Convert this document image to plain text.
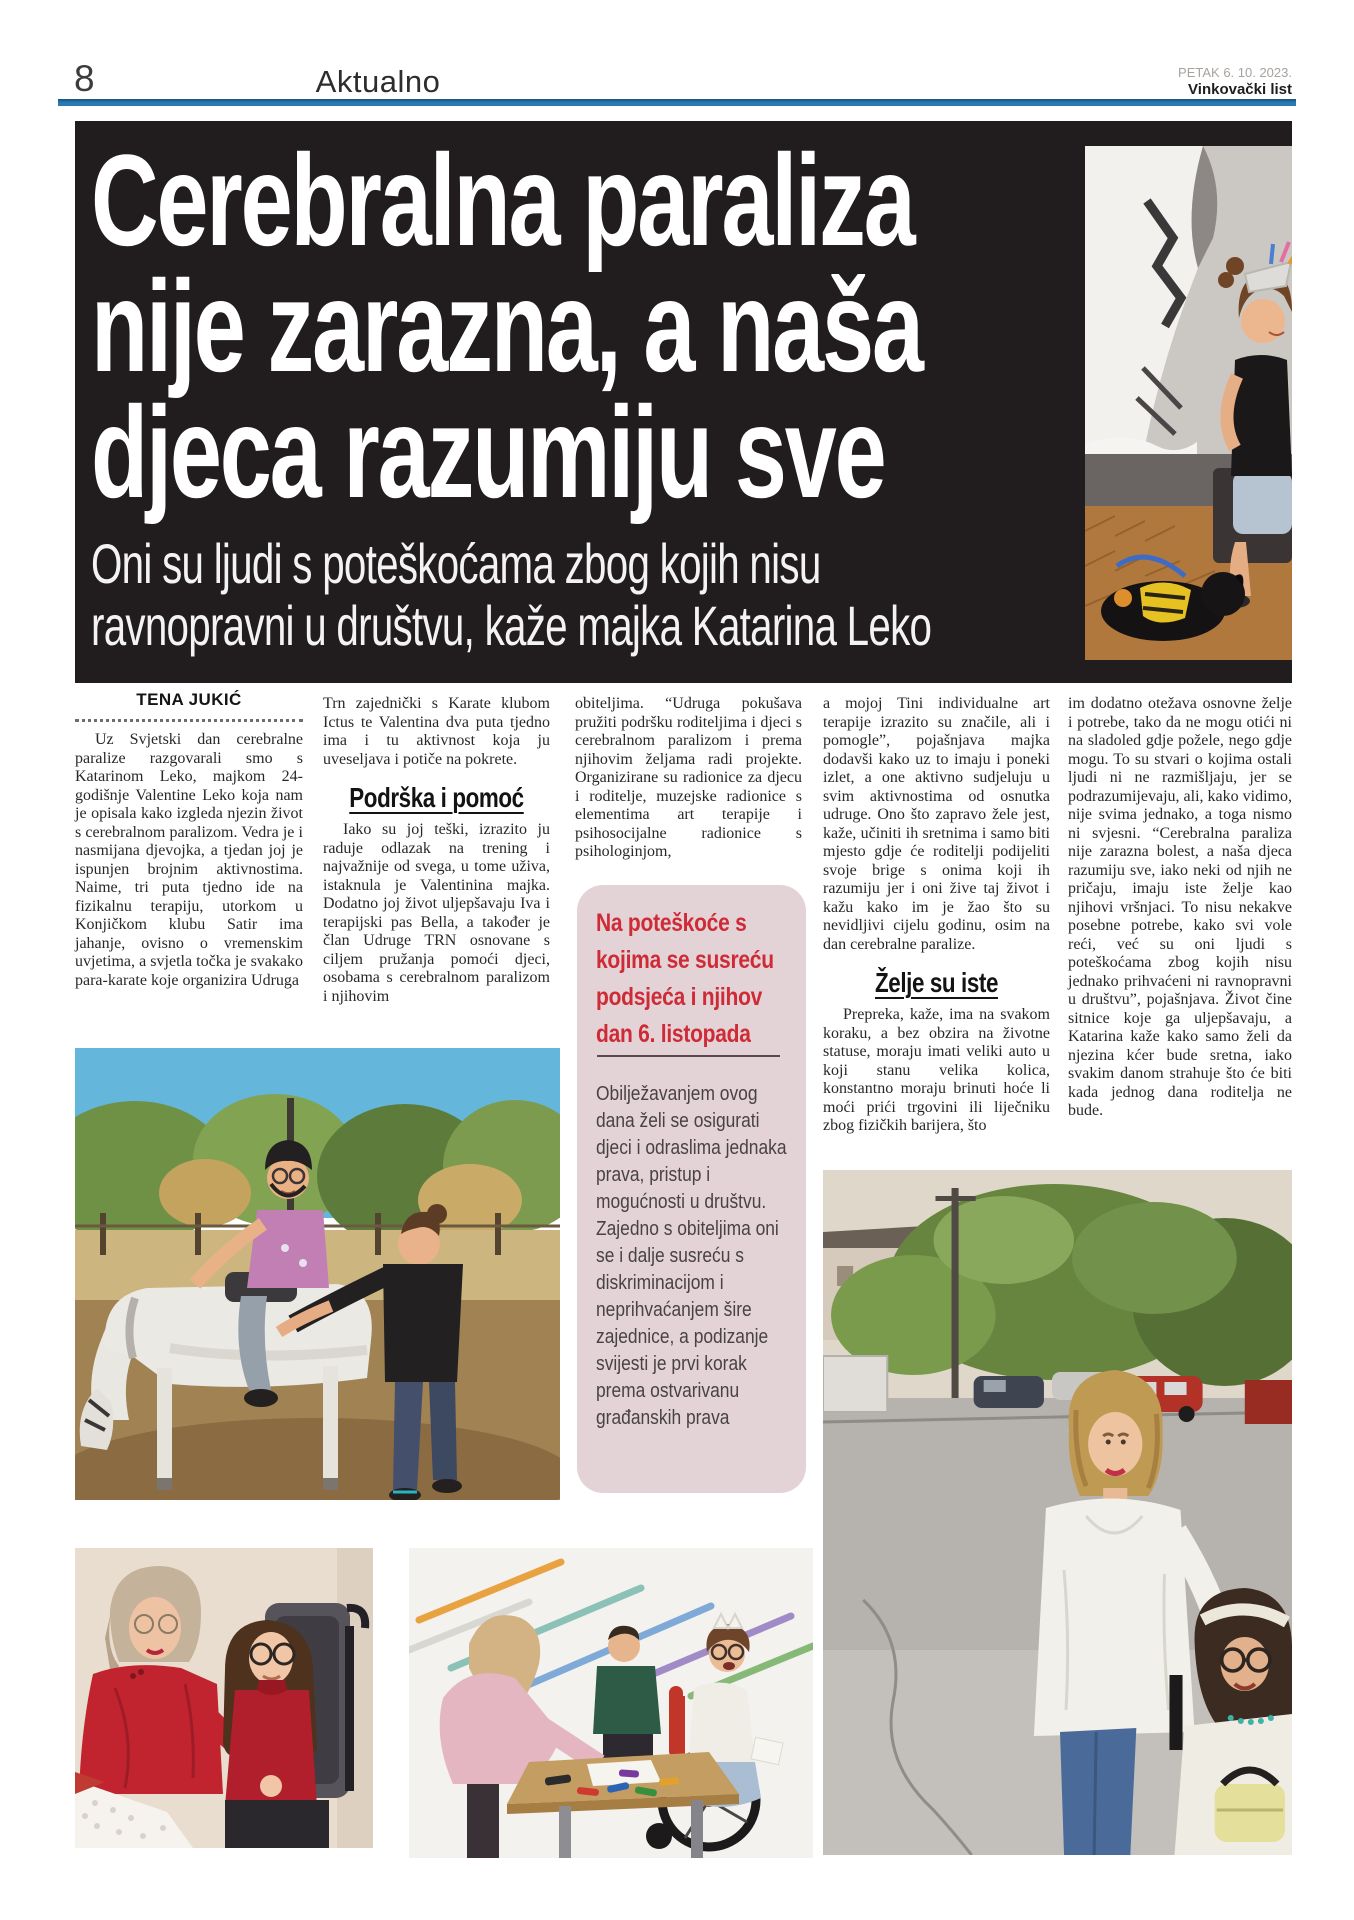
8	Aktualno	PETAK 6. 10. 2023.
Vinkovački list
Cerebralna paraliza
nije zarazna, a naša
djeca razumiju sve
Oni su ljudi s poteškoćama zbog kojih nisu
ravnopravni u društvu, kaže majka Katarina Leko
TENA JUKIĆ

Uz Svjetski dan cerebralne paralize razgovarali smo s Katarinom Leko, majkom 24-godišnje Valentine Leko koja nam je opisala kako izgleda njezin život s cerebralnom paralizom. Vedra je i nasmijana djevojka, a tjedan joj je ispunjen brojnim aktivnostima. Naime, tri puta tjedno ide na fizikalnu terapiju, utorkom u Konjičkom klubu Satir ima jahanje, ovisno o vremenskim uvjetima, a svjetla točka je svakako para-karate koje organizira Udruga

Trn zajednički s Karate klubom Ictus te Valentina dva puta tjedno ima i tu aktivnost koja ju uveseljava i potiče na pokrete.

Podrška i pomoć

Iako su joj teški, izrazito ju raduje odlazak na trening i najvažnije od svega, u tome uživa, istaknula je Valentinina majka. Dodatno joj život uljepšavaju Iva i terapijski pas Bella, a također je član Udruge TRN osnovane s ciljem pružanja pomoći djeci, osobama s cerebralnom paralizom i njihovim

obiteljima. “Udruga pokušava pružiti podršku roditeljima i djeci s cerebralnom paralizom i prema njihovim željama radi projekte. Organizirane su radionice za djecu i roditelje, muzejske radionice s elementima art terapije i psihosocijalne radionice s psihologinjom,

a mojoj Tini individualne art terapije izrazito su značile, ali i pomogle”, pojašnjava majka dodavši kako uz to imaju i poneki izlet, a one aktivno sudjeluju u svim aktivnostima od osnutka udruge. Ono što zapravo žele jest, kaže, učiniti ih sretnima i samo biti mjesto gdje će roditelji podijeliti svoje brige s onima koji ih razumiju jer i oni žive taj život i kažu kako im je žao što su nevidljivi cijelu godinu, osim na dan cerebralne paralize.

Želje su iste

Prepreka, kaže, ima na svakom koraku, a bez obzira na životne statuse, moraju imati veliki auto u koji stanu velika kolica, konstantno moraju brinuti hoće li moći prići trgovini ili liječniku zbog fizičkih barijera, što

im dodatno otežava osnovne želje i potrebe, tako da ne mogu otići ni na sladoled gdje požele, nego gdje mogu. To su stvari o kojima ostali ljudi ni ne razmišljaju, jer se podrazumijevaju, ali, kako vidimo, nije svima jednako, a toga nismo ni svjesni. “Cerebralna paraliza nije zarazna bolest, a naša djeca razumiju sve, iako neki od njih ne pričaju, imaju iste želje kao njihovi vršnjaci. To nisu nekakve posebne potrebe, kako svi vole reći, već su oni ljudi s poteškoćama zbog kojih nisu jednako prihvaćeni ni ravnopravni u društvu”, pojašnjava. Život čine sitnice koje ga uljepšavaju, a Katarina kaže kako samo želi da njezina kćer bude sretna, iako svakim danom strahuje što će biti kada jednog dana roditelja ne bude.

Na poteškoće s kojima se susreću podsjeća i njihov dan 6. listopada
Obilježavanjem ovog dana želi se osigurati djeci i odraslima jednaka prava, pristup i mogućnosti u društvu. Zajedno s obiteljima oni se i dalje susreću s diskriminacijom i neprihvaćanjem šire zajednice, a podizanje svijesti je prvi korak prema ostvarivanu građanskih prava
